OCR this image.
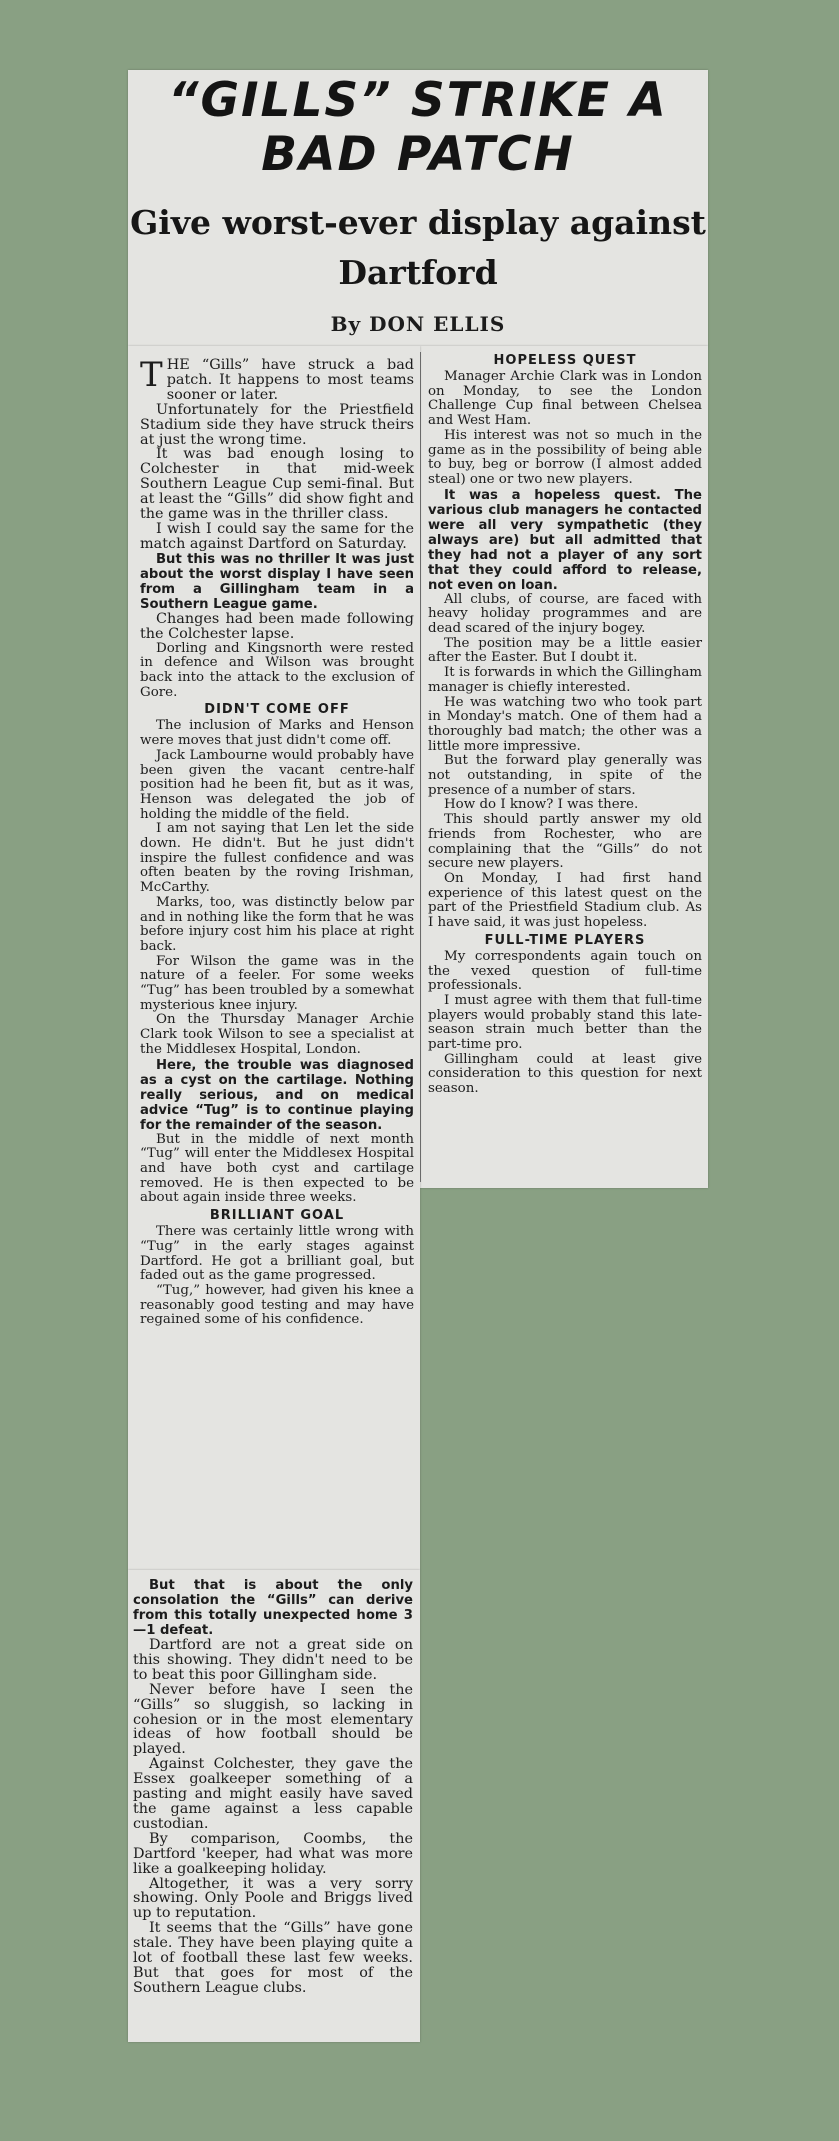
“GILLS” STRIKE A BAD PATCH
Give worst-ever display against Dartford
By DON ELLIS

THE “Gills” have struck a bad patch. It happens to most teams sooner or later.

Unfortunately for the Priestfield Stadium side they have struck theirs at just the wrong time.

It was bad enough losing to Colchester in that mid-week Southern League Cup semi-final. But at least the “Gills” did show fight and the game was in the thriller class.

I wish I could say the same for the match against Dartford on Saturday.

But this was no thriller It was just about the worst display I have seen from a Gillingham team in a Southern League game.

Changes had been made following the Colchester lapse.

Dorling and Kingsnorth were rested in defence and Wilson was brought back into the attack to the exclusion of Gore.

DIDN'T COME OFF

The inclusion of Marks and Henson were moves that just didn't come off.

Jack Lambourne would probably have been given the vacant centre-half position had he been fit, but as it was, Henson was delegated the job of holding the middle of the field.

I am not saying that Len let the side down. He didn't. But he just didn't inspire the fullest confidence and was often beaten by the roving Irishman, McCarthy.

Marks, too, was distinctly below par and in nothing like the form that he was before injury cost him his place at right back.

For Wilson the game was in the nature of a feeler. For some weeks “Tug” has been troubled by a somewhat mysterious knee injury.

On the Thursday Manager Archie Clark took Wilson to see a specialist at the Middlesex Hospital, London.

Here, the trouble was diagnosed as a cyst on the cartilage. Nothing really serious, and on medical advice “Tug” is to continue playing for the remainder of the season.

But in the middle of next month “Tug” will enter the Middlesex Hospital and have both cyst and cartilage removed. He is then expected to be about again inside three weeks.

BRILLIANT GOAL

There was certainly little wrong with “Tug” in the early stages against Dartford. He got a brilliant goal, but faded out as the game progressed.

“Tug,” however, had given his knee a reasonably good testing and may have regained some of his confidence.

But that is about the only consolation the “Gills” can derive from this totally unexpected home 3—1 defeat.

Dartford are not a great side on this showing. They didn't need to be to beat this poor Gillingham side.

Never before have I seen the “Gills” so sluggish, so lacking in cohesion or in the most elementary ideas of how football should be played.

Against Colchester, they gave the Essex goalkeeper something of a pasting and might easily have saved the game against a less capable custodian.

By comparison, Coombs, the Dartford 'keeper, had what was more like a goalkeeping holiday.

Altogether, it was a very sorry showing. Only Poole and Briggs lived up to reputation.

It seems that the “Gills” have gone stale. They have been playing quite a lot of football these last few weeks. But that goes for most of the Southern League clubs.

HOPELESS QUEST

Manager Archie Clark was in London on Monday, to see the London Challenge Cup final between Chelsea and West Ham.

His interest was not so much in the game as in the possibility of being able to buy, beg or borrow (I almost added steal) one or two new players.

It was a hopeless quest. The various club managers he contacted were all very sympathetic (they always are) but all admitted that they had not a player of any sort that they could afford to release, not even on loan.

All clubs, of course, are faced with heavy holiday programmes and are dead scared of the injury bogey.

The position may be a little easier after the Easter. But I doubt it.

It is forwards in which the Gillingham manager is chiefly interested.

He was watching two who took part in Monday's match. One of them had a thoroughly bad match; the other was a little more impressive.

But the forward play generally was not outstanding, in spite of the presence of a number of stars.

How do I know? I was there.

This should partly answer my old friends from Rochester, who are complaining that the “Gills” do not secure new players.

On Monday, I had first hand experience of this latest quest on the part of the Priestfield Stadium club. As I have said, it was just hopeless.

FULL-TIME PLAYERS

My correspondents again touch on the vexed question of full-time professionals.

I must agree with them that full-time players would probably stand this late-season strain much better than the part-time pro.

Gillingham could at least give consideration to this question for next season.
